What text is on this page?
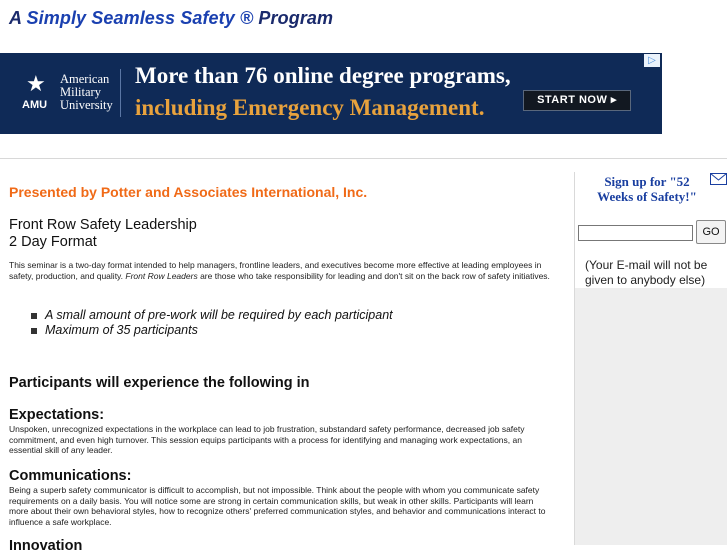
A Simply Seamless Safety ® Program
★
AMU
American
Military
University
More than 76 online degree programs,
including Emergency Management.	START NOW ▸
▷
Presented by Potter and Associates International, Inc.
Front Row Safety Leadership
2 Day Format
This seminar is a two-day format intended to help managers, frontline leaders, and executives become more effective at leading employees in safety, production, and quality. Front Row Leaders are those who take responsibility for leading and don't sit on the back row of safety initiatives.
A small amount of pre-work will be required by each participant
Maximum of 35 participants
Participants will experience the following in
Expectations:
Unspoken, unrecognized expectations in the workplace can lead to job frustration, substandard safety performance, decreased job safety commitment, and even high turnover. This session equips participants with a process for identifying and managing work expectations, an essential skill of any leader.
Communications:
Being a superb safety communicator is difficult to accomplish, but not impossible. Think about the people with whom you communicate safety requirements on a daily basis. You will notice some are strong in certain communication skills, but weak in other skills. Participants will learn more about their own behavioral styles, how to recognize others' preferred communication styles, and behavior and communications interact to influence a safe workplace.
Innovation
Sign up for "52
Weeks of Safety!"
GO
(Your E-mail will not be given to anybody else)
